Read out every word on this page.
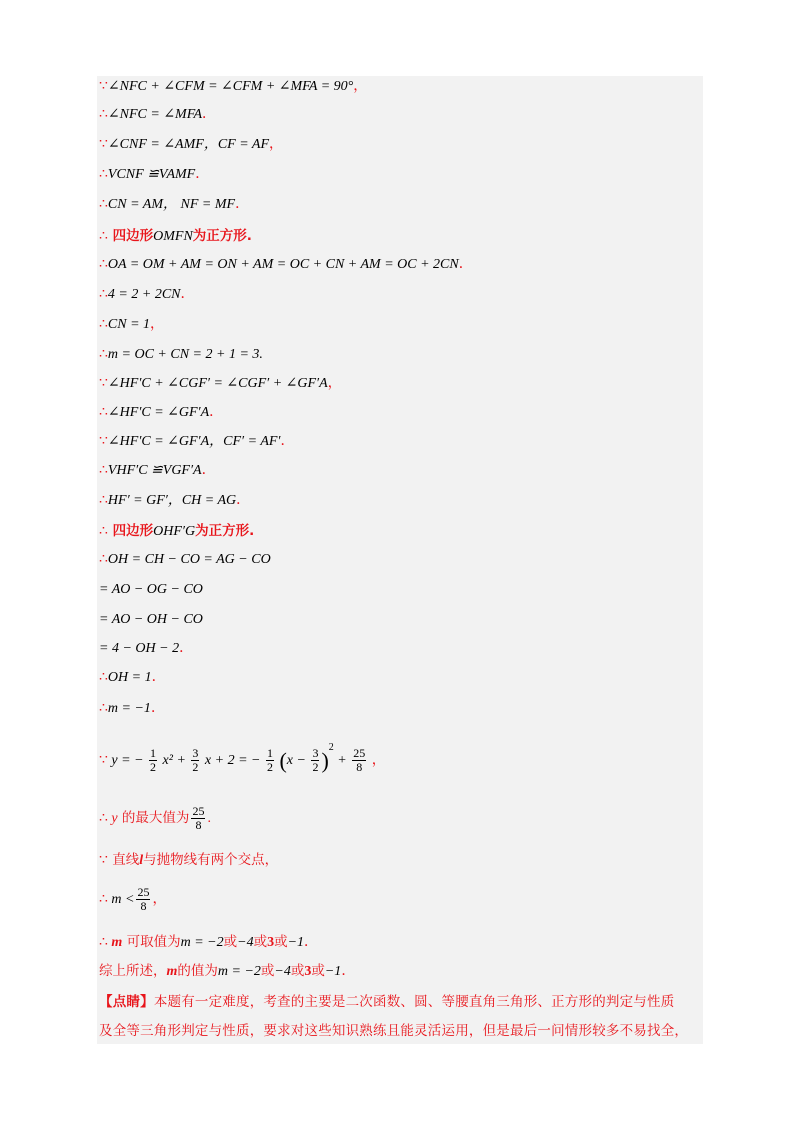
∵∠NFC + ∠CFM = ∠CFM + ∠MFA = 90°，
∴∠NFC = ∠MFA．
∵∠CNF = ∠AMF，CF = AF，
∴VCNF ≌VAMF．
∴CN = AM， NF = MF．
∴ 四边形OMFN为正方形.
∴OA = OM + AM = ON + AM = OC + CN + AM = OC + 2CN．
∴4 = 2 + 2CN．
∴CN = 1，
∴m = OC + CN = 2 + 1 = 3.
∵∠HF′C + ∠CGF′ = ∠CGF′ + ∠GF′A，
∴∠HF′C = ∠GF′A．
∵∠HF′C = ∠GF′A，CF′ = AF′．
∴VHF′C ≌VGF′A．
∴HF′ = GF′，CH = AG．
∴ 四边形OHF′G为正方形.
∴OH = CH − CO = AG − CO
= AO − OG − CO
= AO − OH − CO
= 4 − OH − 2．
∴OH = 1．
∴m = −1．
∵ y = − $\frac{1}{2} x^2 + \frac{3}{2}$ x + 2 = − $\frac{1}{2} (x - \frac{3}{2} )^2 + \frac{25}{8}$ ，
∴ y 的最大值为 $\frac{25}{8}$ .
∵ 直线l与抛物线有两个交点，
∴ $m < \frac{25}{8}$ ，
∴ m 可取值为m = −2或−4或3或−1．
综上所述，m的值为m = −2或−4或3或−1．
【点睛】本题有一定难度，考查的主要是二次函数、圆、等腰直角三角形、正方形的判定与性质
及全等三角形判定与性质，要求对这些知识熟练且能灵活运用，但是最后一问情形较多不易找全，
